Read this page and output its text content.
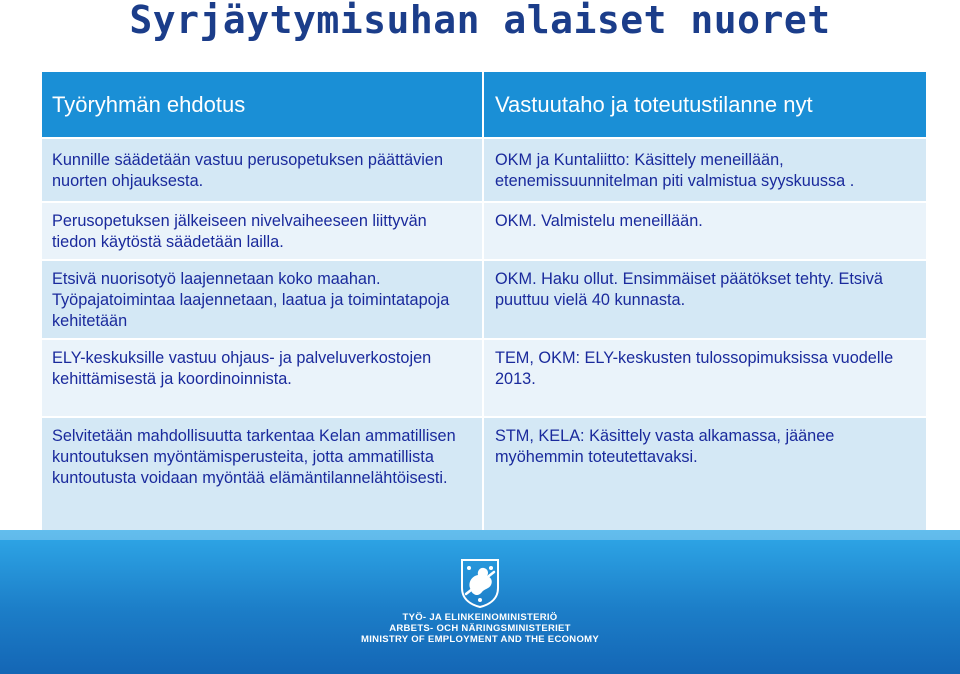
Syrjäytymisuhan alaiset nuoret
Työryhmän ehdotus	Vastuutaho ja toteutustilanne nyt
Kunnille säädetään vastuu perusopetuksen päättävien nuorten ohjauksesta.	OKM ja Kuntaliitto: Käsittely meneillään, etenemissuunnitelman piti valmistua syyskuussa .
Perusopetuksen jälkeiseen nivelvaiheeseen liittyvän tiedon käytöstä säädetään lailla.	OKM. Valmistelu meneillään.
Etsivä nuorisotyö laajennetaan koko maahan. Työpajatoimintaa laajennetaan, laatua ja toimintatapoja kehitetään	OKM. Haku ollut. Ensimmäiset päätökset tehty. Etsivä puuttuu vielä 40 kunnasta.
ELY-keskuksille vastuu ohjaus- ja palveluverkostojen kehittämisestä ja koordinoinnista.	TEM, OKM: ELY-keskusten tulossopimuksissa vuodelle 2013.
Selvitetään mahdollisuutta tarkentaa Kelan ammatillisen kuntoutuksen myöntämisperusteita, jotta ammatillista kuntoutusta voidaan myöntää elämäntilannelähtöisesti.	STM, KELA: Käsittely vasta alkamassa, jäänee myöhemmin toteutettavaksi.
TYÖ- JA ELINKEINOMINISTERIÖ
ARBETS- OCH NÄRINGSMINISTERIET
MINISTRY OF EMPLOYMENT AND THE ECONOMY
